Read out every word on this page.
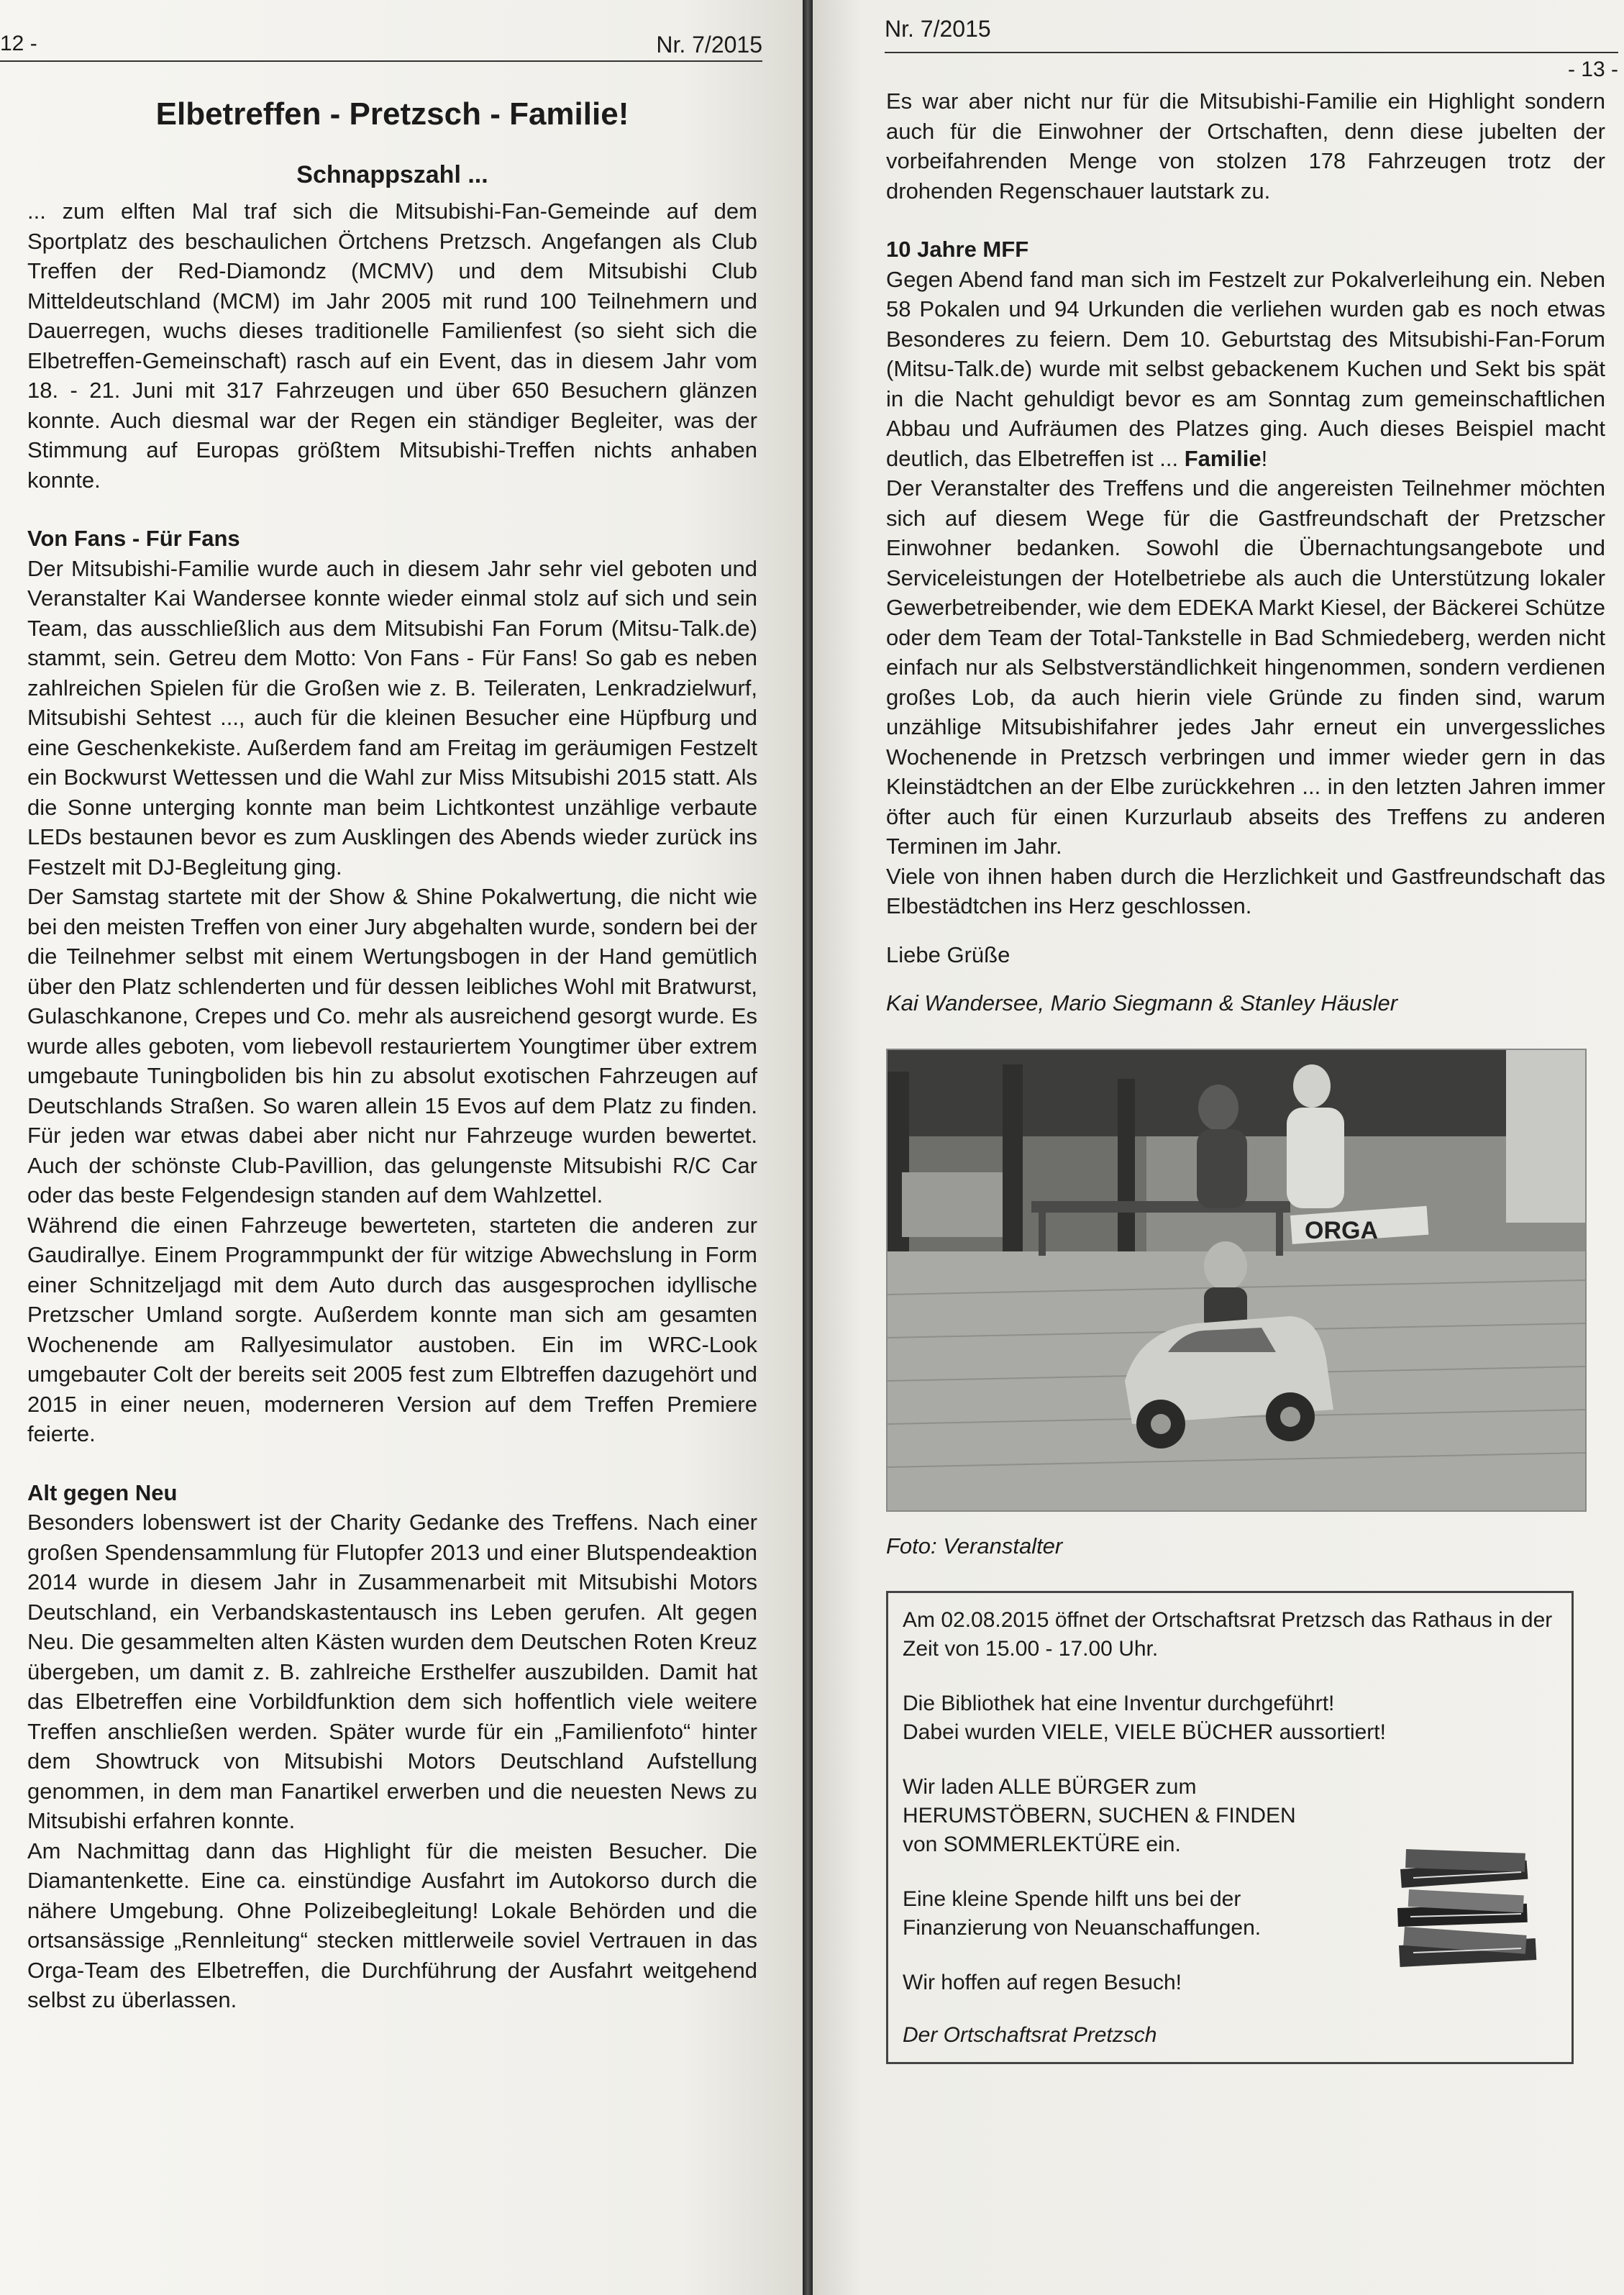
12 -	Nr. 7/2015
Elbetreffen - Pretzsch - Familie!
Schnappszahl ...

... zum elften Mal traf sich die Mitsubishi-Fan-Gemeinde auf dem Sportplatz des beschaulichen Örtchens Pretzsch. Angefangen als Club Treffen der Red-Diamondz (MCMV) und dem Mitsubishi Club Mitteldeutschland (MCM) im Jahr 2005 mit rund 100 Teilnehmern und Dauerregen, wuchs dieses traditionelle Familienfest (so sieht sich die Elbetreffen-Gemeinschaft) rasch auf ein Event, das in diesem Jahr vom 18. - 21. Juni mit 317 Fahrzeugen und über 650 Besuchern glänzen konnte. Auch diesmal war der Regen ein ständiger Begleiter, was der Stimmung auf Europas größtem Mitsubishi-Treffen nichts anhaben konnte.

Von Fans - Für Fans

Der Mitsubishi-Familie wurde auch in diesem Jahr sehr viel geboten und Veranstalter Kai Wandersee konnte wieder einmal stolz auf sich und sein Team, das ausschließlich aus dem Mitsubishi Fan Forum (Mitsu-Talk.de) stammt, sein. Getreu dem Motto: Von Fans - Für Fans! So gab es neben zahlreichen Spielen für die Großen wie z. B. Teileraten, Lenkradzielwurf, Mitsubishi Sehtest ..., auch für die kleinen Besucher eine Hüpfburg und eine Geschenkekiste. Außerdem fand am Freitag im geräumigen Festzelt ein Bockwurst Wettessen und die Wahl zur Miss Mitsubishi 2015 statt. Als die Sonne unterging konnte man beim Lichtkontest unzählige verbaute LEDs bestaunen bevor es zum Ausklingen des Abends wieder zurück ins Festzelt mit DJ-Begleitung ging.

Der Samstag startete mit der Show & Shine Pokalwertung, die nicht wie bei den meisten Treffen von einer Jury abgehalten wurde, sondern bei der die Teilnehmer selbst mit einem Wertungsbogen in der Hand gemütlich über den Platz schlenderten und für dessen leibliches Wohl mit Bratwurst, Gulaschkanone, Crepes und Co. mehr als ausreichend gesorgt wurde. Es wurde alles geboten, vom liebevoll restauriertem Youngtimer über extrem umgebaute Tuningboliden bis hin zu absolut exotischen Fahrzeugen auf Deutschlands Straßen. So waren allein 15 Evos auf dem Platz zu finden. Für jeden war etwas dabei aber nicht nur Fahrzeuge wurden bewertet. Auch der schönste Club-Pavillion, das gelungenste Mitsubishi R/C Car oder das beste Felgendesign standen auf dem Wahlzettel.

Während die einen Fahrzeuge bewerteten, starteten die anderen zur Gaudirallye. Einem Programmpunkt der für witzige Abwechslung in Form einer Schnitzeljagd mit dem Auto durch das ausgesprochen idyllische Pretzscher Umland sorgte. Außerdem konnte man sich am gesamten Wochenende am Rallyesimulator austoben. Ein im WRC-Look umgebauter Colt der bereits seit 2005 fest zum Elbtreffen dazugehört und 2015 in einer neuen, moderneren Version auf dem Treffen Premiere feierte.

Alt gegen Neu

Besonders lobenswert ist der Charity Gedanke des Treffens. Nach einer großen Spendensammlung für Flutopfer 2013 und einer Blutspendeaktion 2014 wurde in diesem Jahr in Zusammenarbeit mit Mitsubishi Motors Deutschland, ein Verbandskastentausch ins Leben gerufen. Alt gegen Neu. Die gesammelten alten Kästen wurden dem Deutschen Roten Kreuz übergeben, um damit z. B. zahlreiche Ersthelfer auszubilden. Damit hat das Elbetreffen eine Vorbildfunktion dem sich hoffentlich viele weitere Treffen anschließen werden. Später wurde für ein „Familienfoto“ hinter dem Showtruck von Mitsubishi Motors Deutschland Aufstellung genommen, in dem man Fanartikel erwerben und die neuesten News zu Mitsubishi erfahren konnte.

Am Nachmittag dann das Highlight für die meisten Besucher. Die Diamantenkette. Eine ca. einstündige Ausfahrt im Autokorso durch die nähere Umgebung. Ohne Polizeibegleitung! Lokale Behörden und die ortsansässige „Rennleitung“ stecken mittlerweile soviel Vertrauen in das Orga-Team des Elbetreffen, die Durchführung der Ausfahrt weitgehend selbst zu überlassen.

Nr. 7/2015
- 13 -

Es war aber nicht nur für die Mitsubishi-Familie ein Highlight sondern auch für die Einwohner der Ortschaften, denn diese jubelten der vorbeifahrenden Menge von stolzen 178 Fahrzeugen trotz der drohenden Regenschauer lautstark zu.

10 Jahre MFF

Gegen Abend fand man sich im Festzelt zur Pokalverleihung ein. Neben 58 Pokalen und 94 Urkunden die verliehen wurden gab es noch etwas Besonderes zu feiern. Dem 10. Geburtstag des Mitsubishi-Fan-Forum (Mitsu-Talk.de) wurde mit selbst gebackenem Kuchen und Sekt bis spät in die Nacht gehuldigt bevor es am Sonntag zum gemeinschaftlichen Abbau und Aufräumen des Platzes ging. Auch dieses Beispiel macht deutlich, das Elbetreffen ist ... Familie!

Der Veranstalter des Treffens und die angereisten Teilnehmer möchten sich auf diesem Wege für die Gastfreundschaft der Pretzscher Einwohner bedanken. Sowohl die Übernachtungsangebote und Serviceleistungen der Hotelbetriebe als auch die Unterstützung lokaler Gewerbetreibender, wie dem EDEKA Markt Kiesel, der Bäckerei Schütze oder dem Team der Total-Tankstelle in Bad Schmiedeberg, werden nicht einfach nur als Selbstverständlichkeit hingenommen, sondern verdienen großes Lob, da auch hierin viele Gründe zu finden sind, warum unzählige Mitsubishifahrer jedes Jahr erneut ein unvergessliches Wochenende in Pretzsch verbringen und immer wieder gern in das Kleinstädtchen an der Elbe zurückkehren ... in den letzten Jahren immer öfter auch für einen Kurzurlaub abseits des Treffens zu anderen Terminen im Jahr.

Viele von ihnen haben durch die Herzlichkeit und Gastfreundschaft das Elbestädtchen ins Herz geschlossen.

Liebe Grüße

Kai Wandersee, Mario Siegmann & Stanley Häusler

ORGA
Foto: Veranstalter

Am 02.08.2015 öffnet der Ortschaftsrat Pretzsch das Rathaus in der Zeit von 15.00 - 17.00 Uhr.

Die Bibliothek hat eine Inventur durchgeführt!

Dabei wurden VIELE, VIELE BÜCHER aussortiert!

Wir laden ALLE BÜRGER zum

HERUMSTÖBERN, SUCHEN & FINDEN

von SOMMERLEKTÜRE ein.

Eine kleine Spende hilft uns bei der

Finanzierung von Neuanschaffungen.

Wir hoffen auf regen Besuch!

Der Ortschaftsrat Pretzsch
